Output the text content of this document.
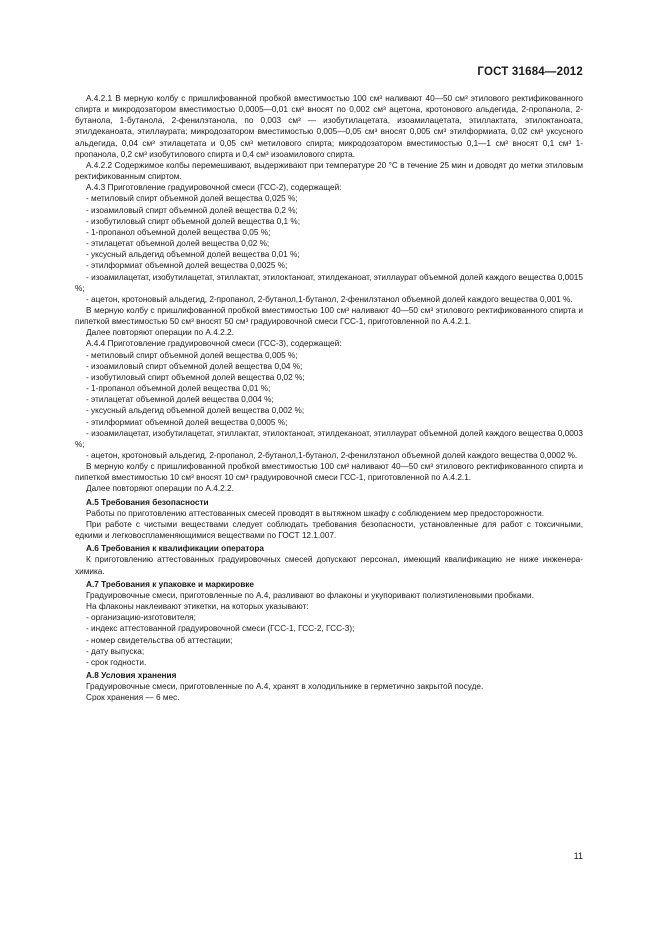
ГОСТ 31684—2012

А.4.2.1 В мерную колбу с пришлифованной пробкой вместимостью 100 см³ наливают 40—50 см³ этилового ректификованного спирта и микродозатором вместимостью 0,0005—0,01 см³ вносят по 0,002 см³ ацетона, кротонового альдегида, 2-пропанола, 2-бутанола, 1-бутанола, 2-фенилэтанола, по 0,003 см³ — изобутилацетата, изоамилацетата, этиллактата, этилоктаноата, этилдеканоата, этиллаурата; микродозатором вместимостью 0,005—0,05 см³ вносят 0,005 см³ этилформиата, 0,02 см³ уксусного альдегида, 0,04 см³ этилацетата и 0,05 см³ метилового спирта; микродозатором вместимостью 0,1—1 см³ вносят 0,1 см³ 1-пропанола, 0,2 см³ изобутилового спирта и 0,4 см³ изоамилового спирта.

А.4.2.2 Содержимое колбы перемешивают, выдерживают при температуре 20 °С в течение 25 мин и доводят до метки этиловым ректификованным спиртом.

А.4.3 Приготовление градуировочной смеси (ГСС-2), содержащей:

- метиловый спирт объемной долей вещества 0,025 %;

- изоамиловый спирт объемной долей вещества 0,2 %;

- изобутиловый спирт объемной долей вещества 0,1 %;

- 1-пропанол объемной долей вещества 0,05 %;

- этилацетат объемной долей вещества 0,02 %;

- уксусный альдегид объемной долей вещества 0,01 %;

- этилформиат объемной долей вещества 0,0025 %;

- изоамилацетат, изобутилацетат, этиллактат, этилоктаноат, этилдеканоат, этиллаурат объемной долей каждого вещества 0,0015 %;

- ацетон, кротоновый альдегид, 2-пропанол, 2-бутанол,1-бутанол, 2-фенилэтанол объемной долей каждого вещества 0,001 %.

В мерную колбу с пришлифованной пробкой вместимостью 100 см³ наливают 40—50 см³ этилового ректификованного спирта и пипеткой вместимостью 50 см³ вносят 50 см³ градуировочной смеси ГСС-1, приготовленной по А.4.2.1.

Далее повторяют операции по А.4.2.2.

А.4.4 Приготовление градуировочной смеси (ГСС-3), содержащей:

- метиловый спирт объемной долей вещества 0,005 %;

- изоамиловый спирт объемной долей вещества 0,04 %;

- изобутиловый спирт объемной долей вещества 0,02 %;

- 1-пропанол объемной долей вещества 0,01 %;

- этилацетат объемной долей вещества 0,004 %;

- уксусный альдегид объемной долей вещества 0,002 %;

- этилформиат объемной долей вещества 0,0005 %;

- изоамилацетат, изобутилацетат, этиллактат, этилоктаноат, этилдеканоат, этиллаурат объемной долей каждого вещества 0,0003 %;

- ацетон, кротоновый альдегид, 2-пропанол, 2-бутанол,1-бутанол, 2-фенилэтанол объемной долей каждого вещества 0,0002 %.

В мерную колбу с пришлифованной пробкой вместимостью 100 см³ наливают 40—50 см³ этилового ректификованного спирта и пипеткой вместимостью 10 см³ вносят 10 см³ градуировочной смеси ГСС-1, приготовленной по А.4.2.1.

Далее повторяют операции по А.4.2.2.

А.5 Требования безопасности

Работы по приготовлению аттестованных смесей проводят в вытяжном шкафу с соблюдением мер предосторожности.

При работе с чистыми веществами следует соблюдать требования безопасности, установленные для работ с токсичными, едкими и легковоспламеняющимися веществами по ГОСТ 12.1.007.

А.6 Требования к квалификации оператора

К приготовлению аттестованных градуировочных смесей допускают персонал, имеющий квалификацию не ниже инженера-химика.

А.7 Требования к упаковке и маркировке

Градуировочные смеси, приготовленные по А.4, разливают во флаконы и укупоривают полиэтиленовыми пробками.

На флаконы наклеивают этикетки, на которых указывают:

- организацию-изготовителя;

- индекс аттестованной градуировочной смеси (ГСС-1, ГСС-2, ГСС-3);

- номер свидетельства об аттестации;

- дату выпуска;

- срок годности.

А.8 Условия хранения

Градуировочные смеси, приготовленные по А.4, хранят в холодильнике в герметично закрытой посуде.

Срок хранения — 6 мес.

11
